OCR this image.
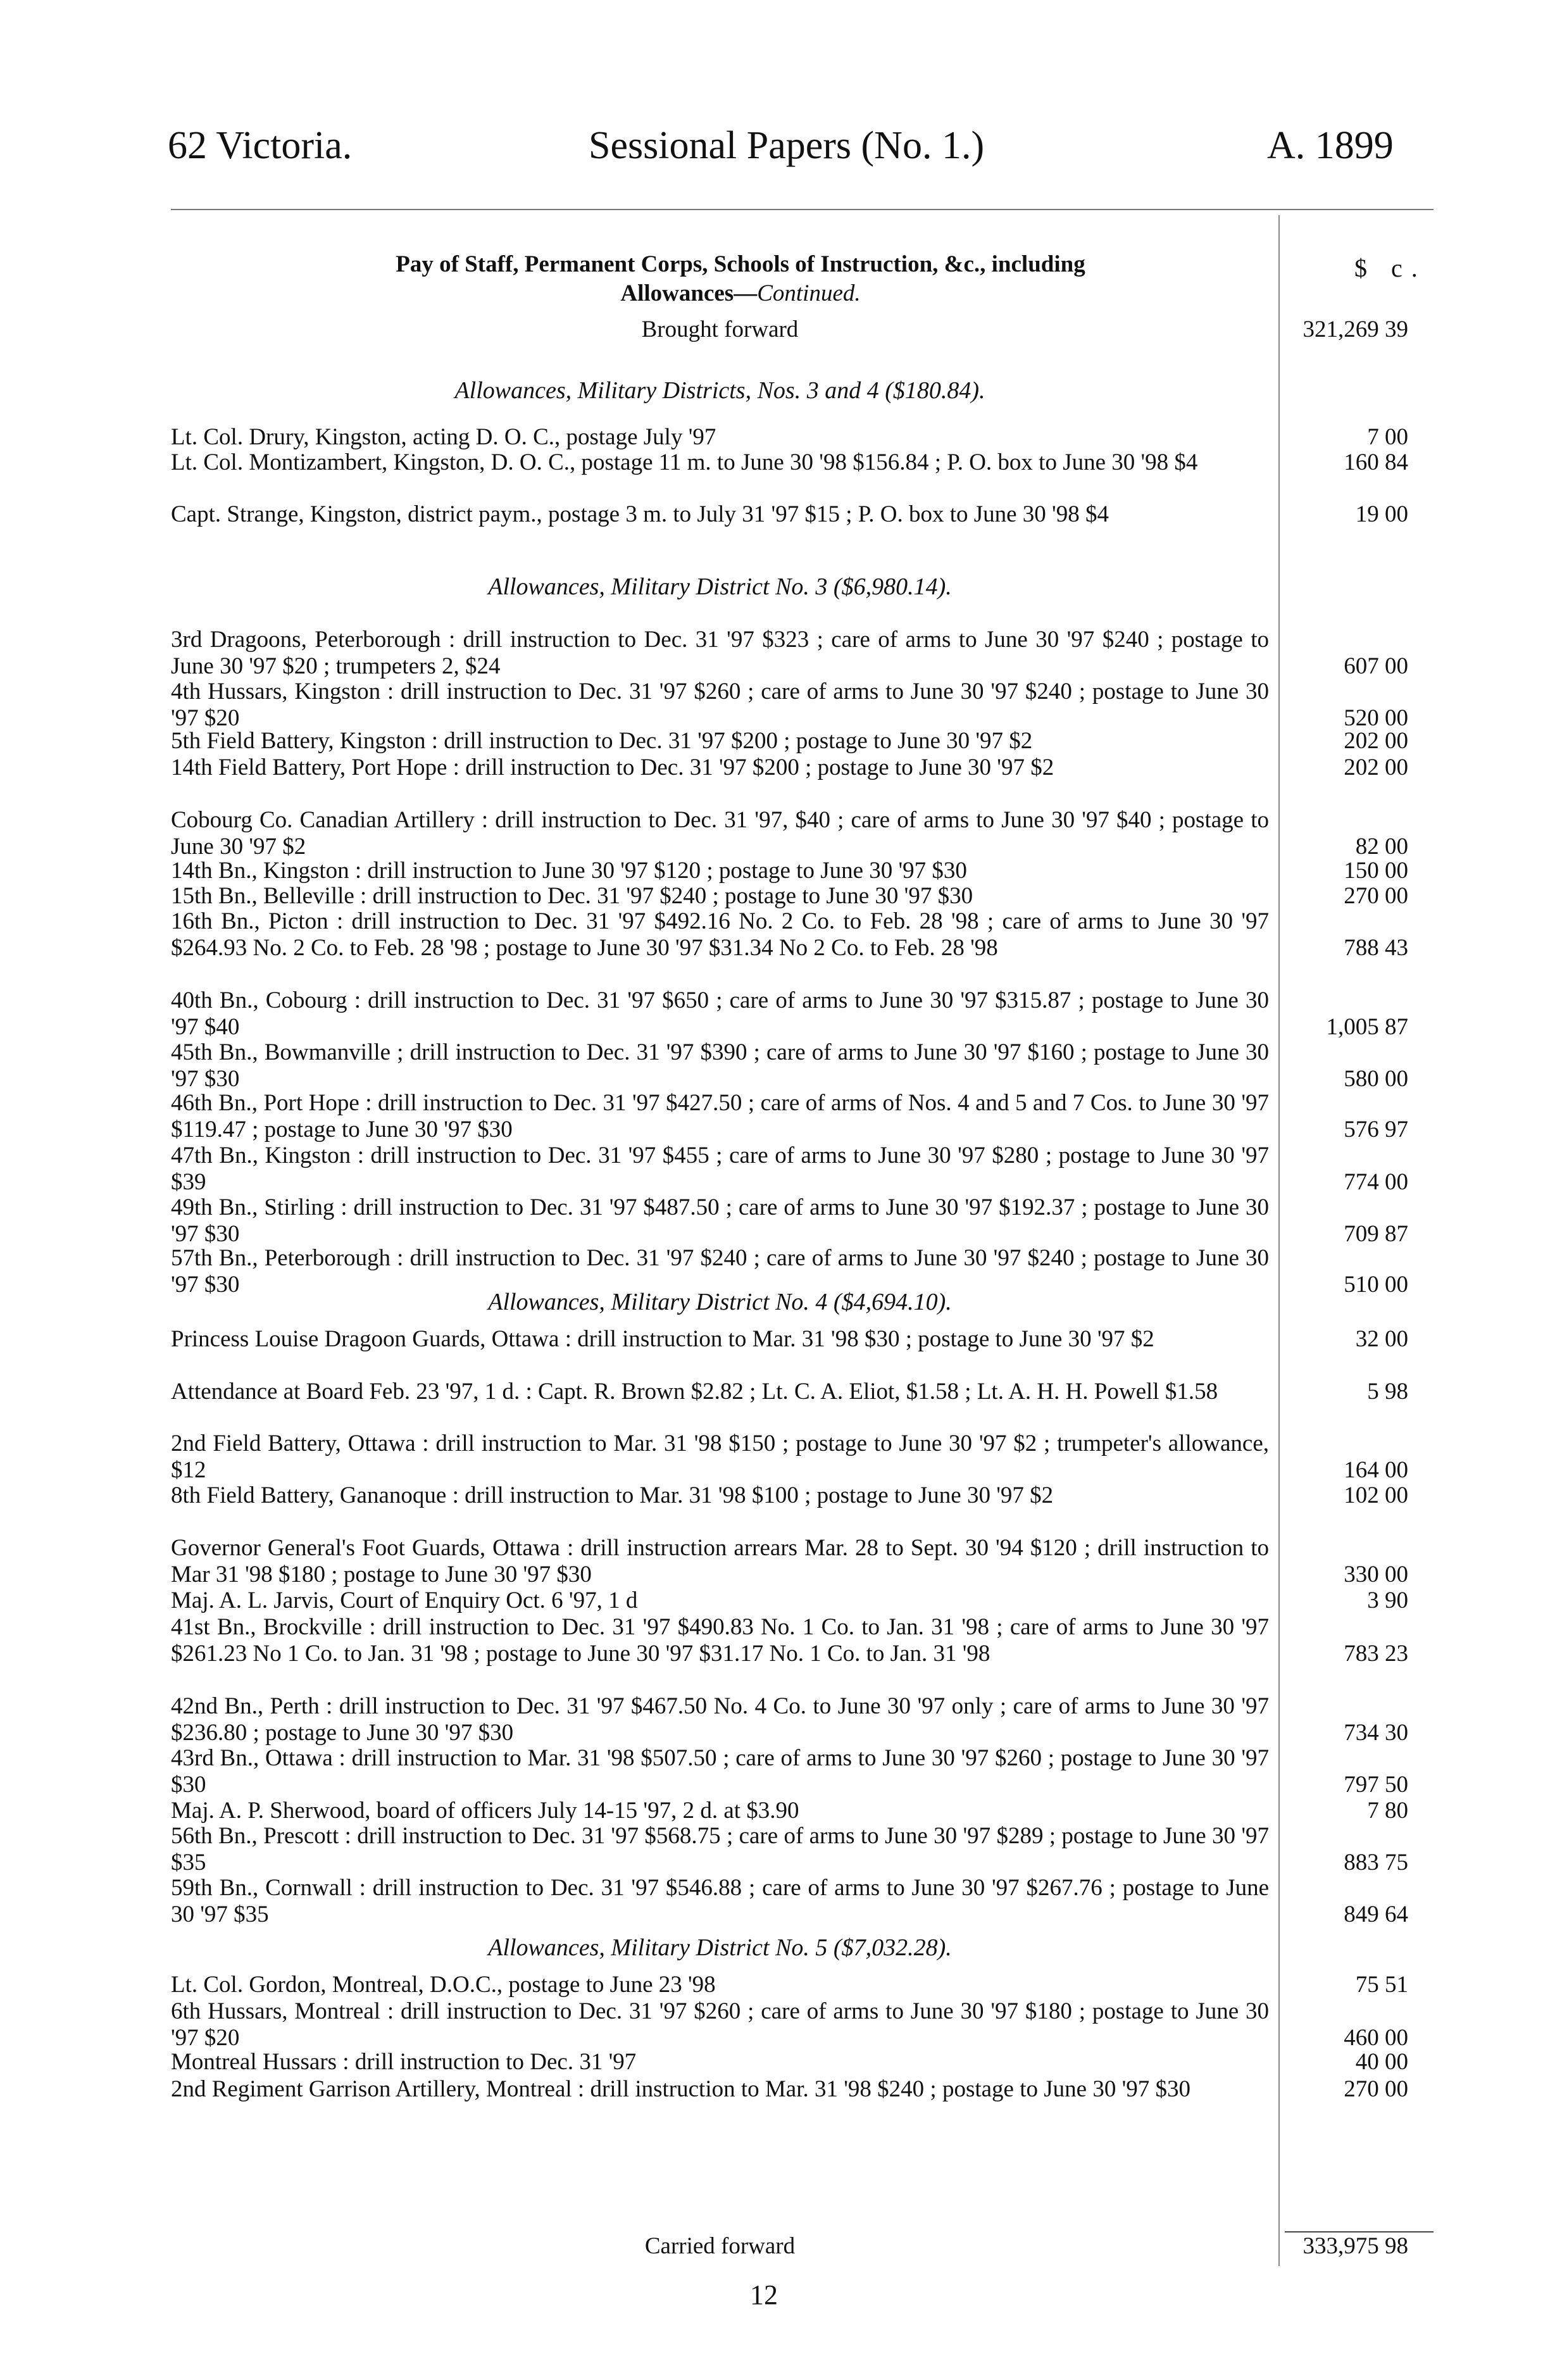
62 Victoria.	Sessional Papers (No. 1.)	A. 1899
Pay of Staff, Permanent Corps, Schools of Instruction, &c., including
Allowances—Continued.
$ c.
Allowances, Military Districts, Nos. 3 and 4 ($180.84).
Allowances, Military District No. 3 ($6,980.14).
Allowances, Military District No. 4 ($4,694.10).
Allowances, Military District No. 5 ($7,032.28).
Brought forward	321,269 39
Lt. Col. Drury, Kingston, acting D. O. C., postage July '97	7 00
Lt. Col. Montizambert, Kingston, D. O. C., postage 11 m. to June 30 '98 $156.84 ; P. O. box to June 30 '98 $4	160 84
Capt. Strange, Kingston, district paym., postage 3 m. to July 31 '97 $15 ; P. O. box to June 30 '98 $4	19 00
3rd Dragoons, Peterborough : drill instruction to Dec. 31 '97 $323 ; care of arms to June 30 '97 $240 ; postage to June 30 '97 $20 ; trumpeters 2, $24	607 00
4th Hussars, Kingston : drill instruction to Dec. 31 '97 $260 ; care of arms to June 30 '97 $240 ; postage to June 30 '97 $20	520 00
5th Field Battery, Kingston : drill instruction to Dec. 31 '97 $200 ; postage to June 30 '97 $2	202 00
14th Field Battery, Port Hope : drill instruction to Dec. 31 '97 $200 ; postage to June 30 '97 $2	202 00
Cobourg Co. Canadian Artillery : drill instruction to Dec. 31 '97, $40 ; care of arms to June 30 '97 $40 ; postage to June 30 '97 $2	82 00
14th Bn., Kingston : drill instruction to June 30 '97 $120 ; postage to June 30 '97 $30	150 00
15th Bn., Belleville : drill instruction to Dec. 31 '97 $240 ; postage to June 30 '97 $30	270 00
16th Bn., Picton : drill instruction to Dec. 31 '97 $492.16 No. 2 Co. to Feb. 28 '98 ; care of arms to June 30 '97 $264.93 No. 2 Co. to Feb. 28 '98 ; postage to June 30 '97 $31.34 No 2 Co. to Feb. 28 '98	788 43
40th Bn., Cobourg : drill instruction to Dec. 31 '97 $650 ; care of arms to June 30 '97 $315.87 ; postage to June 30 '97 $40	1,005 87
45th Bn., Bowmanville ; drill instruction to Dec. 31 '97 $390 ; care of arms to June 30 '97 $160 ; postage to June 30 '97 $30	580 00
46th Bn., Port Hope : drill instruction to Dec. 31 '97 $427.50 ; care of arms of Nos. 4 and 5 and 7 Cos. to June 30 '97 $119.47 ; postage to June 30 '97 $30	576 97
47th Bn., Kingston : drill instruction to Dec. 31 '97 $455 ; care of arms to June 30 '97 $280 ; postage to June 30 '97 $39	774 00
49th Bn., Stirling : drill instruction to Dec. 31 '97 $487.50 ; care of arms to June 30 '97 $192.37 ; postage to June 30 '97 $30	709 87
57th Bn., Peterborough : drill instruction to Dec. 31 '97 $240 ; care of arms to June 30 '97 $240 ; postage to June 30 '97 $30	510 00
Princess Louise Dragoon Guards, Ottawa : drill instruction to Mar. 31 '98 $30 ; postage to June 30 '97 $2	32 00
Attendance at Board Feb. 23 '97, 1 d. : Capt. R. Brown $2.82 ; Lt. C. A. Eliot, $1.58 ; Lt. A. H. H. Powell $1.58	5 98
2nd Field Battery, Ottawa : drill instruction to Mar. 31 '98 $150 ; postage to June 30 '97 $2 ; trumpeter's allowance, $12	164 00
8th Field Battery, Gananoque : drill instruction to Mar. 31 '98 $100 ; postage to June 30 '97 $2	102 00
Governor General's Foot Guards, Ottawa : drill instruction arrears Mar. 28 to Sept. 30 '94 $120 ; drill instruction to Mar 31 '98 $180 ; postage to June 30 '97 $30	330 00
Maj. A. L. Jarvis, Court of Enquiry Oct. 6 '97, 1 d	3 90
41st Bn., Brockville : drill instruction to Dec. 31 '97 $490.83 No. 1 Co. to Jan. 31 '98 ; care of arms to June 30 '97 $261.23 No 1 Co. to Jan. 31 '98 ; postage to June 30 '97 $31.17 No. 1 Co. to Jan. 31 '98	783 23
42nd Bn., Perth : drill instruction to Dec. 31 '97 $467.50 No. 4 Co. to June 30 '97 only ; care of arms to June 30 '97 $236.80 ; postage to June 30 '97 $30	734 30
43rd Bn., Ottawa : drill instruction to Mar. 31 '98 $507.50 ; care of arms to June 30 '97 $260 ; postage to June 30 '97 $30	797 50
Maj. A. P. Sherwood, board of officers July 14-15 '97, 2 d. at $3.90	7 80
56th Bn., Prescott : drill instruction to Dec. 31 '97 $568.75 ; care of arms to June 30 '97 $289 ; postage to June 30 '97 $35	883 75
59th Bn., Cornwall : drill instruction to Dec. 31 '97 $546.88 ; care of arms to June 30 '97 $267.76 ; postage to June 30 '97 $35	849 64
Lt. Col. Gordon, Montreal, D.O.C., postage to June 23 '98	75 51
6th Hussars, Montreal : drill instruction to Dec. 31 '97 $260 ; care of arms to June 30 '97 $180 ; postage to June 30 '97 $20	460 00
Montreal Hussars : drill instruction to Dec. 31 '97	40 00
2nd Regiment Garrison Artillery, Montreal : drill instruction to Mar. 31 '98 $240 ; postage to June 30 '97 $30	270 00
Carried forward	333,975 98
12
